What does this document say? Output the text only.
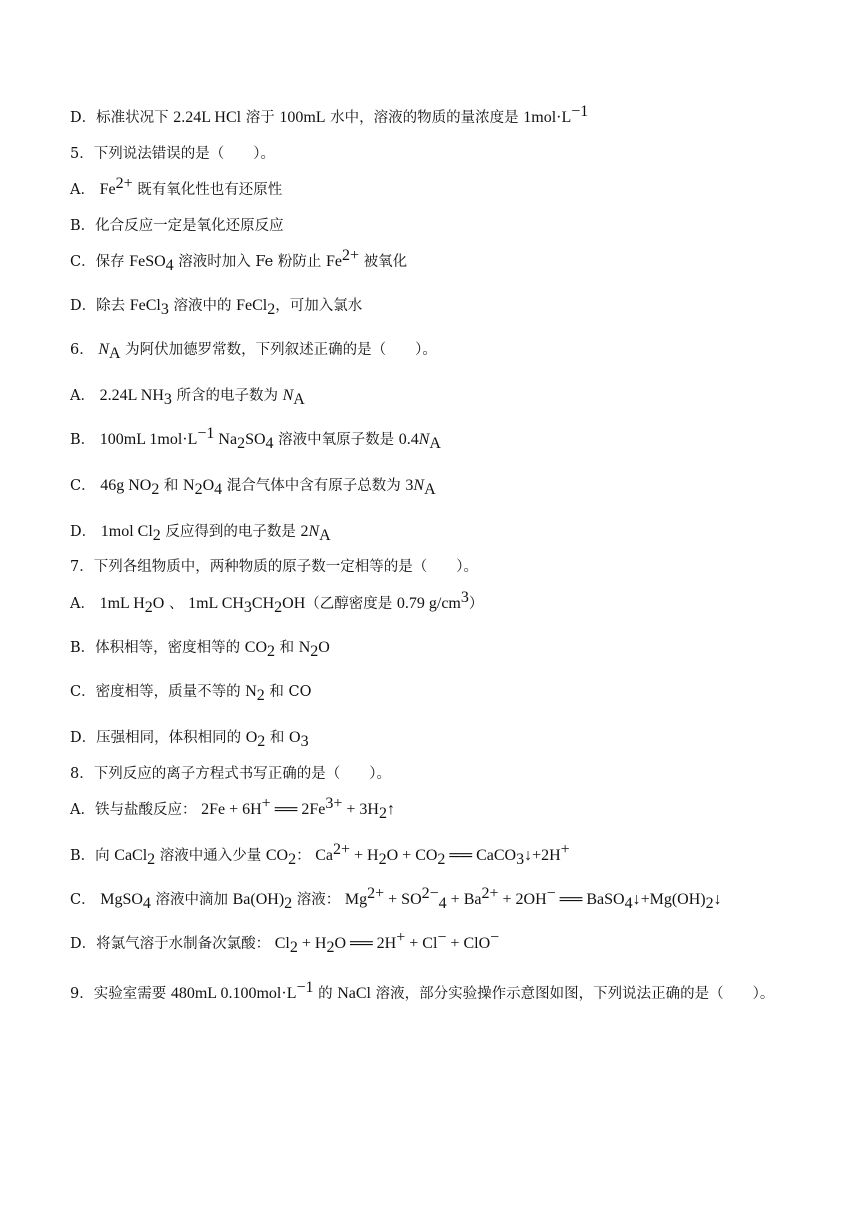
D．标准状况下 2.24L HCl 溶于 100mL 水中，溶液的物质的量浓度是 $1mol\cdot L^{-1}$
5．下列说法错误的是（　　）。
A． $Fe^{2+}$ 既有氧化性也有还原性
B．化合反应一定是氧化还原反应
C．保存 FeSO$_4$ 溶液时加入 Fe 粉防止 $Fe^{2+}$ 被氧化
D．除去 FeCl$_3$ 溶液中的 FeCl$_2$，可加入氯水
6． $N_A$ 为阿伏加德罗常数，下列叙述正确的是（　　）。
A． 2.24L $NH_3$ 所含的电子数为 $N_A$
B． 100mL $1mol\cdot L^{-1}$ $Na_2SO_4$ 溶液中氧原子数是 $0.4N_A$
C． 46g $NO_2$ 和 $N_2O_4$ 混合气体中含有原子总数为 $3N_A$
D． 1mol $Cl_2$ 反应得到的电子数是 $2N_A$
7．下列各组物质中，两种物质的原子数一定相等的是（　　）。
A． 1mL $H_2O$ 、 1mL $CH_3CH_2OH$（乙醇密度是 0.79 $g/cm^3$）
B．体积相等，密度相等的 $CO_2$ 和 $N_2O$
C．密度相等，质量不等的 $N_2$ 和 CO
D．压强相同，体积相同的 $O_2$ 和 $O_3$
8．下列反应的离子方程式书写正确的是（　　）。
A．铁与盐酸反应： 2Fe + 6H+ ══ $2Fe^{3+}$ + $3H_2↑$
B．向 CaCl$_2$ 溶液中通入少量 $CO_2$： $Ca^{2+} + H_2O + CO_2$ ══ CaCO$_3$↓+2H+
C． MgSO$_4$ 溶液中滴加 $Ba(OH)_2$ 溶液： $Mg^{2+} + SO^{2-}_4 + Ba^{2+} + 2OH^-$ ══ $BaSO_4↓+Mg(OH)_2↓$
D．将氯气溶于水制备次氯酸： $Cl_2 + H_2O$ ══ 2H+ + Cl− + ClO−
9．实验室需要 480mL $0.100mol\cdot L^{-1}$ 的 NaCl 溶液，部分实验操作示意图如图，下列说法正确的是（　　）。
